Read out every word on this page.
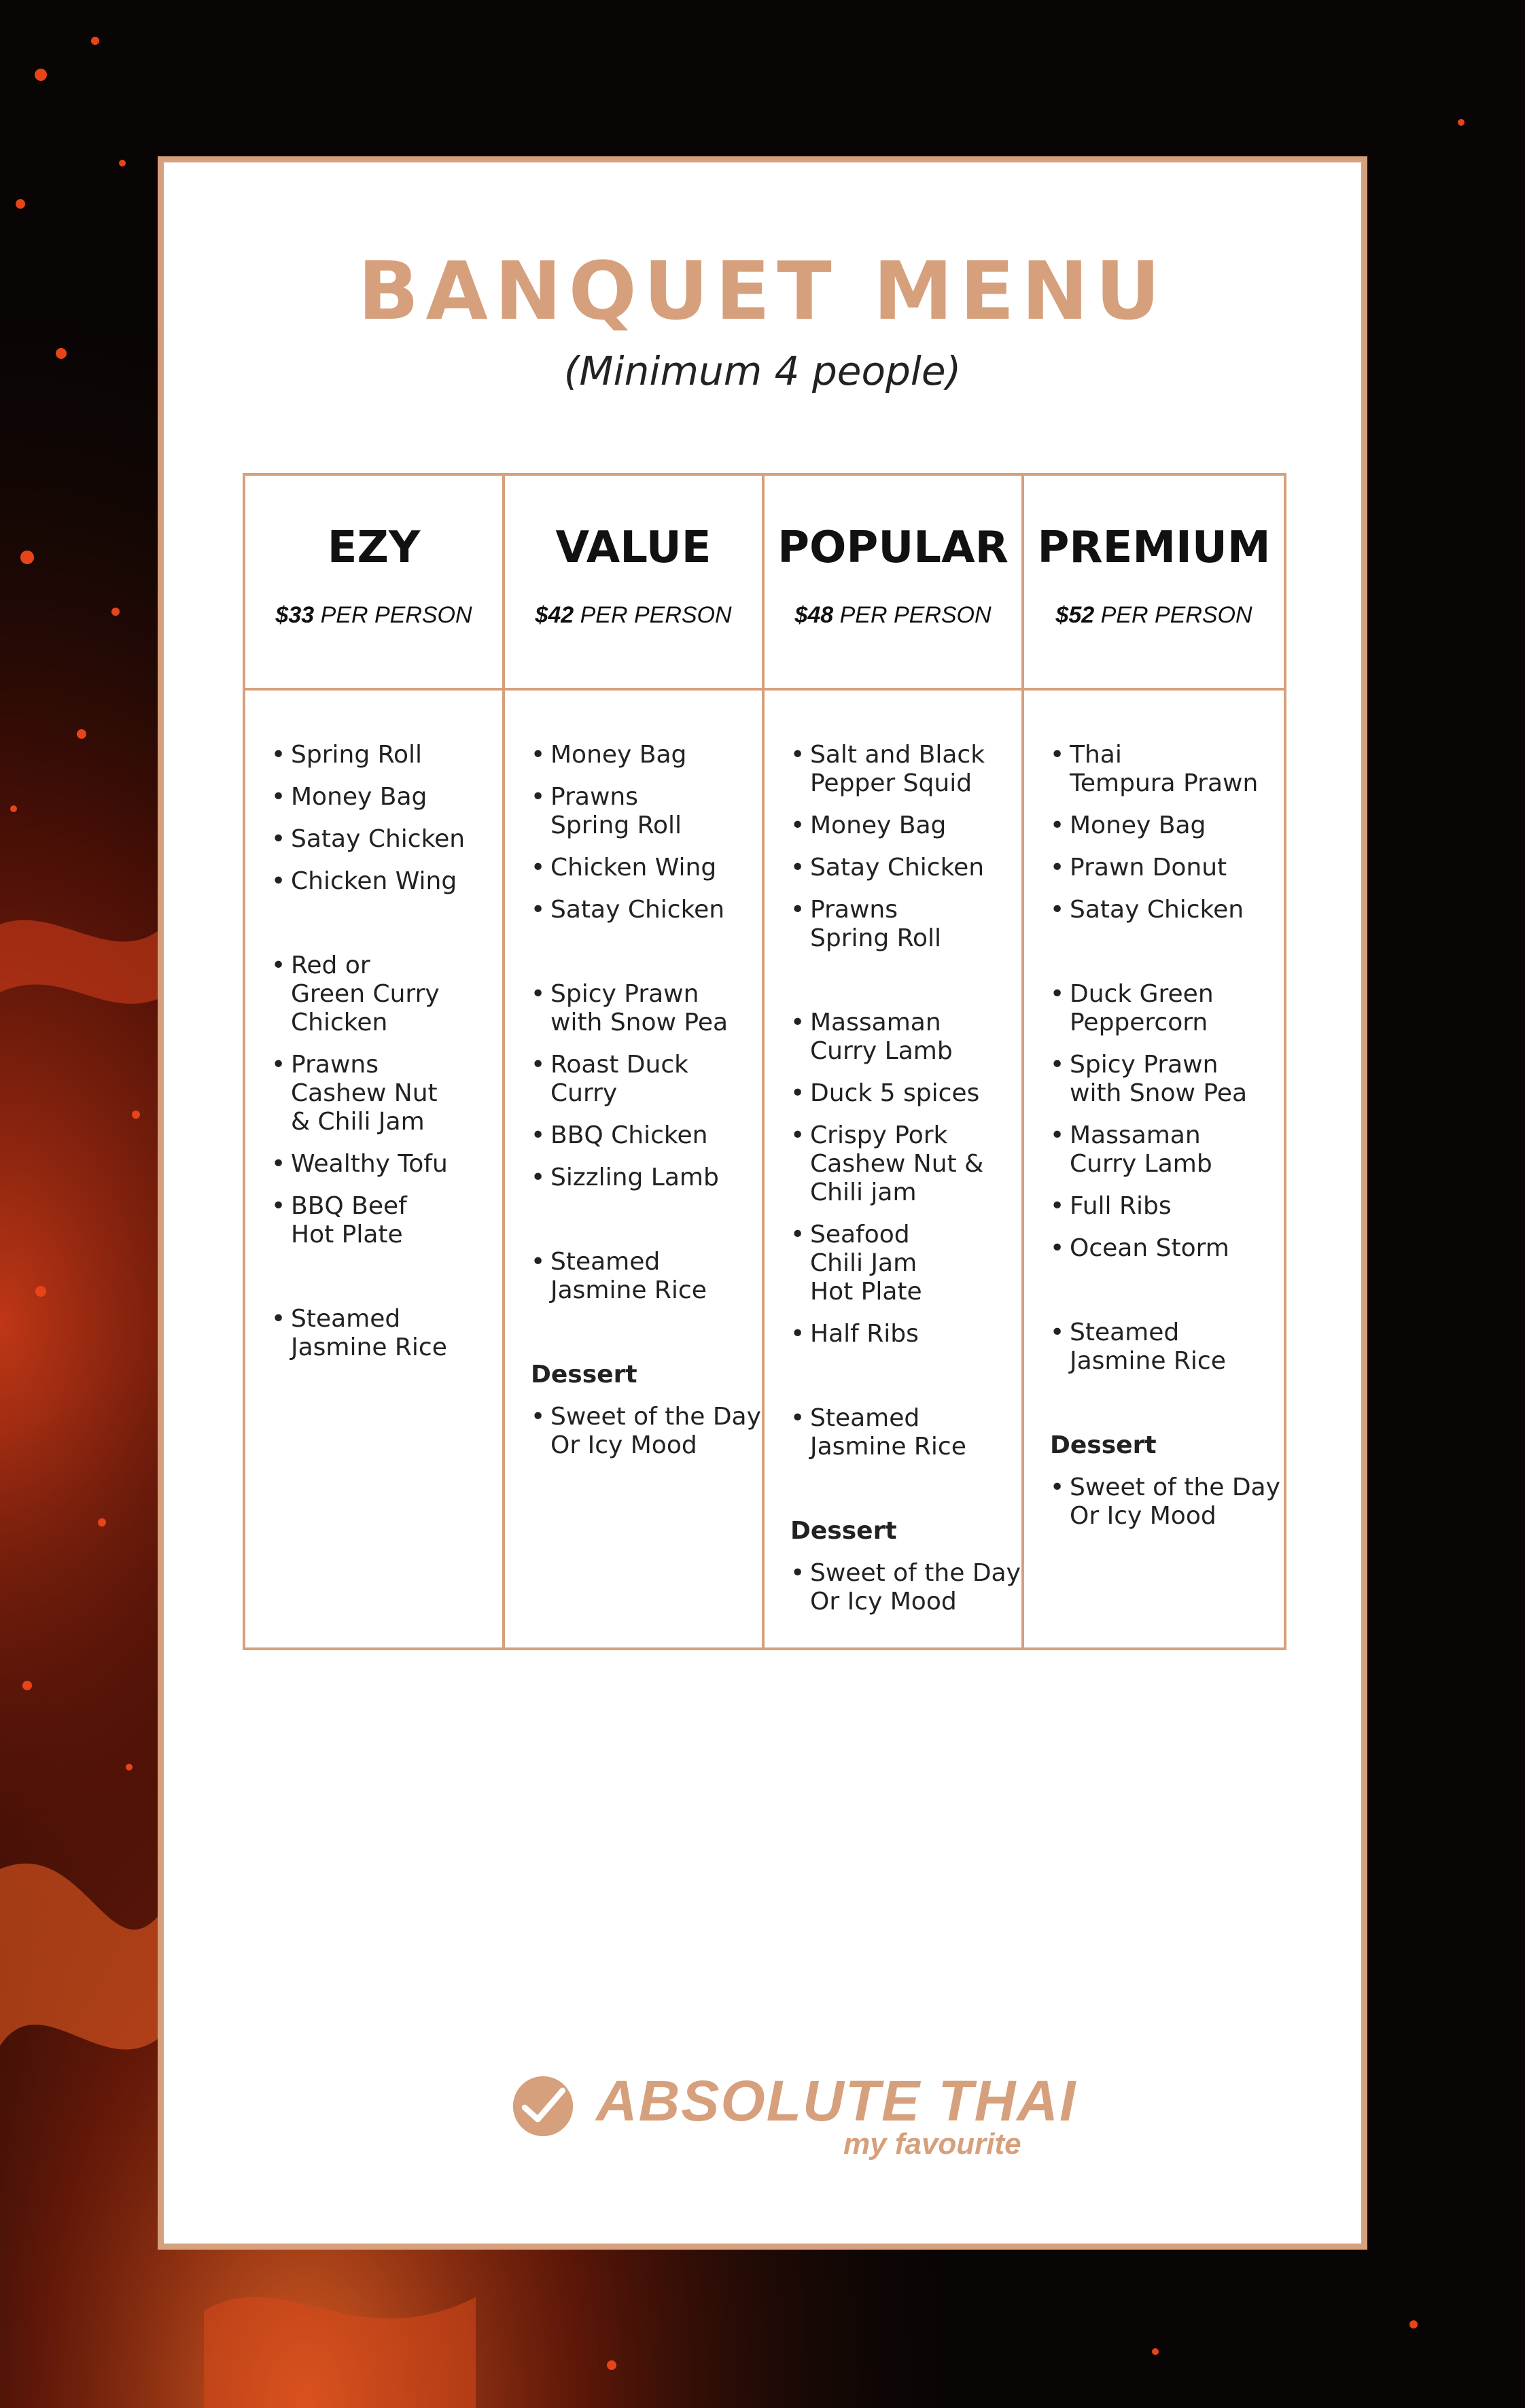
BANQUET MENU
(Minimum 4 people)
EZY
$33 PER PERSON
• Spring Roll
• Money Bag
• Satay Chicken
• Chicken Wing
• Red or
Green Curry
Chicken
• Prawns
Cashew Nut
& Chili Jam
• Wealthy Tofu
• BBQ Beef
Hot Plate
• Steamed
Jasmine Rice
VALUE
$42 PER PERSON
• Money Bag
• Prawns
Spring Roll
• Chicken Wing
• Satay Chicken
• Spicy Prawn
with Snow Pea
• Roast Duck Curry
• BBQ Chicken
• Sizzling Lamb
• Steamed
Jasmine Rice
Dessert
• Sweet of the Day
Or Icy Mood
POPULAR
$48 PER PERSON
• Salt and Black
Pepper Squid
• Money Bag
• Satay Chicken
• Prawns
Spring Roll
• Massaman
Curry Lamb
• Duck 5 spices
• Crispy Pork
Cashew Nut &
Chili jam
• Seafood
Chili Jam
Hot Plate
• Half Ribs
• Steamed
Jasmine Rice
Dessert
• Sweet of the Day
Or Icy Mood
PREMIUM
$52 PER PERSON
• Thai
Tempura Prawn
• Money Bag
• Prawn Donut
• Satay Chicken
• Duck Green
Peppercorn
• Spicy Prawn
with Snow Pea
• Massaman
Curry Lamb
• Full Ribs
• Ocean Storm
• Steamed
Jasmine Rice
Dessert
• Sweet of the Day
Or Icy Mood
ABSOLUTE THAI
my favourite
